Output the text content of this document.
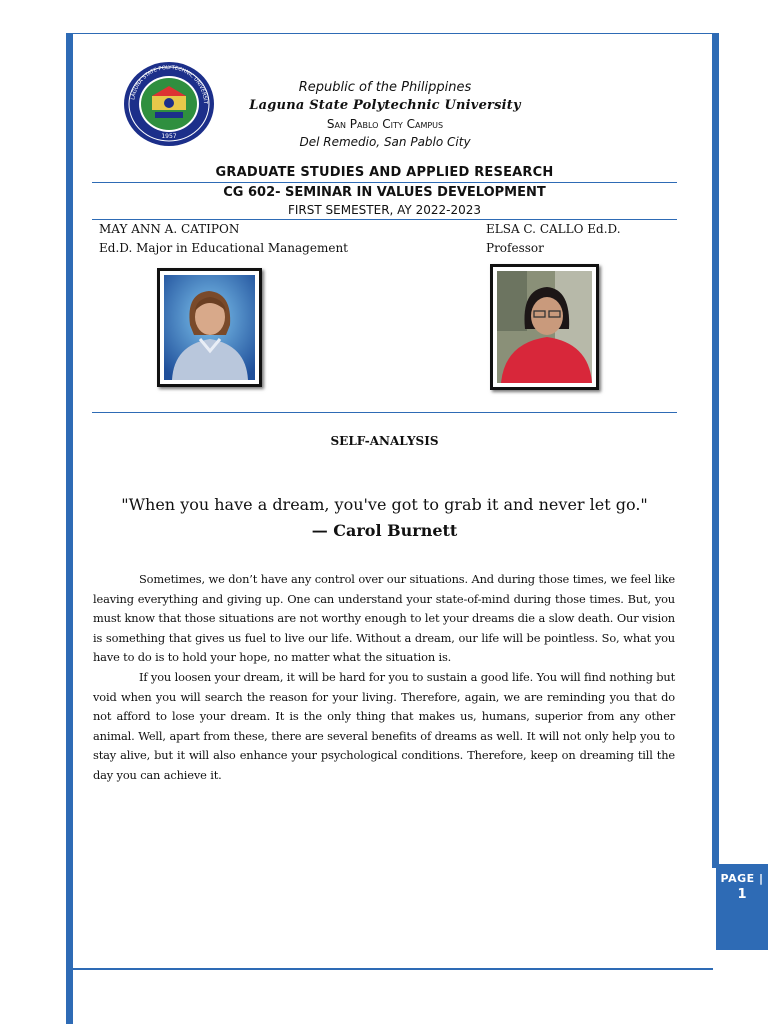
1957
LAGUNA STATE POLYTECHNIC UNIVERSIT
Republic of the Philippines
Laguna State Polytechnic University
San Pablo City Campus
Del Remedio, San Pablo City
GRADUATE STUDIES AND APPLIED RESEARCH
CG 602- SEMINAR IN VALUES DEVELOPMENT
FIRST SEMESTER, AY 2022-2023
MAY ANN A. CATIPON
Ed.D. Major in Educational Management
ELSA C. CALLO Ed.D.
Professor
SELF-ANALYSIS
"When you have a dream, you've got to grab it and never let go."
— Carol Burnett

Sometimes, we don’t have any control over our situations. And during those times, we feel like leaving everything and giving up. One can understand your state-of-mind during those times. But, you must know that those situations are not worthy enough to let your dreams die a slow death. Our vision is something that gives us fuel to live our life. Without a dream, our life will be pointless. So, what you have to do is to hold your hope, no matter what the situation is.

If you loosen your dream, it will be hard for you to sustain a good life. You will find nothing but void when you will search the reason for your living. Therefore, again, we are reminding you that do not afford to lose your dream. It is the only thing that makes us, humans, superior from any other animal. Well, apart from these, there are several benefits of dreams as well. It will not only help you to stay alive, but it will also enhance your psychological conditions. Therefore, keep on dreaming till the day you can achieve it.

PAGE |
1
